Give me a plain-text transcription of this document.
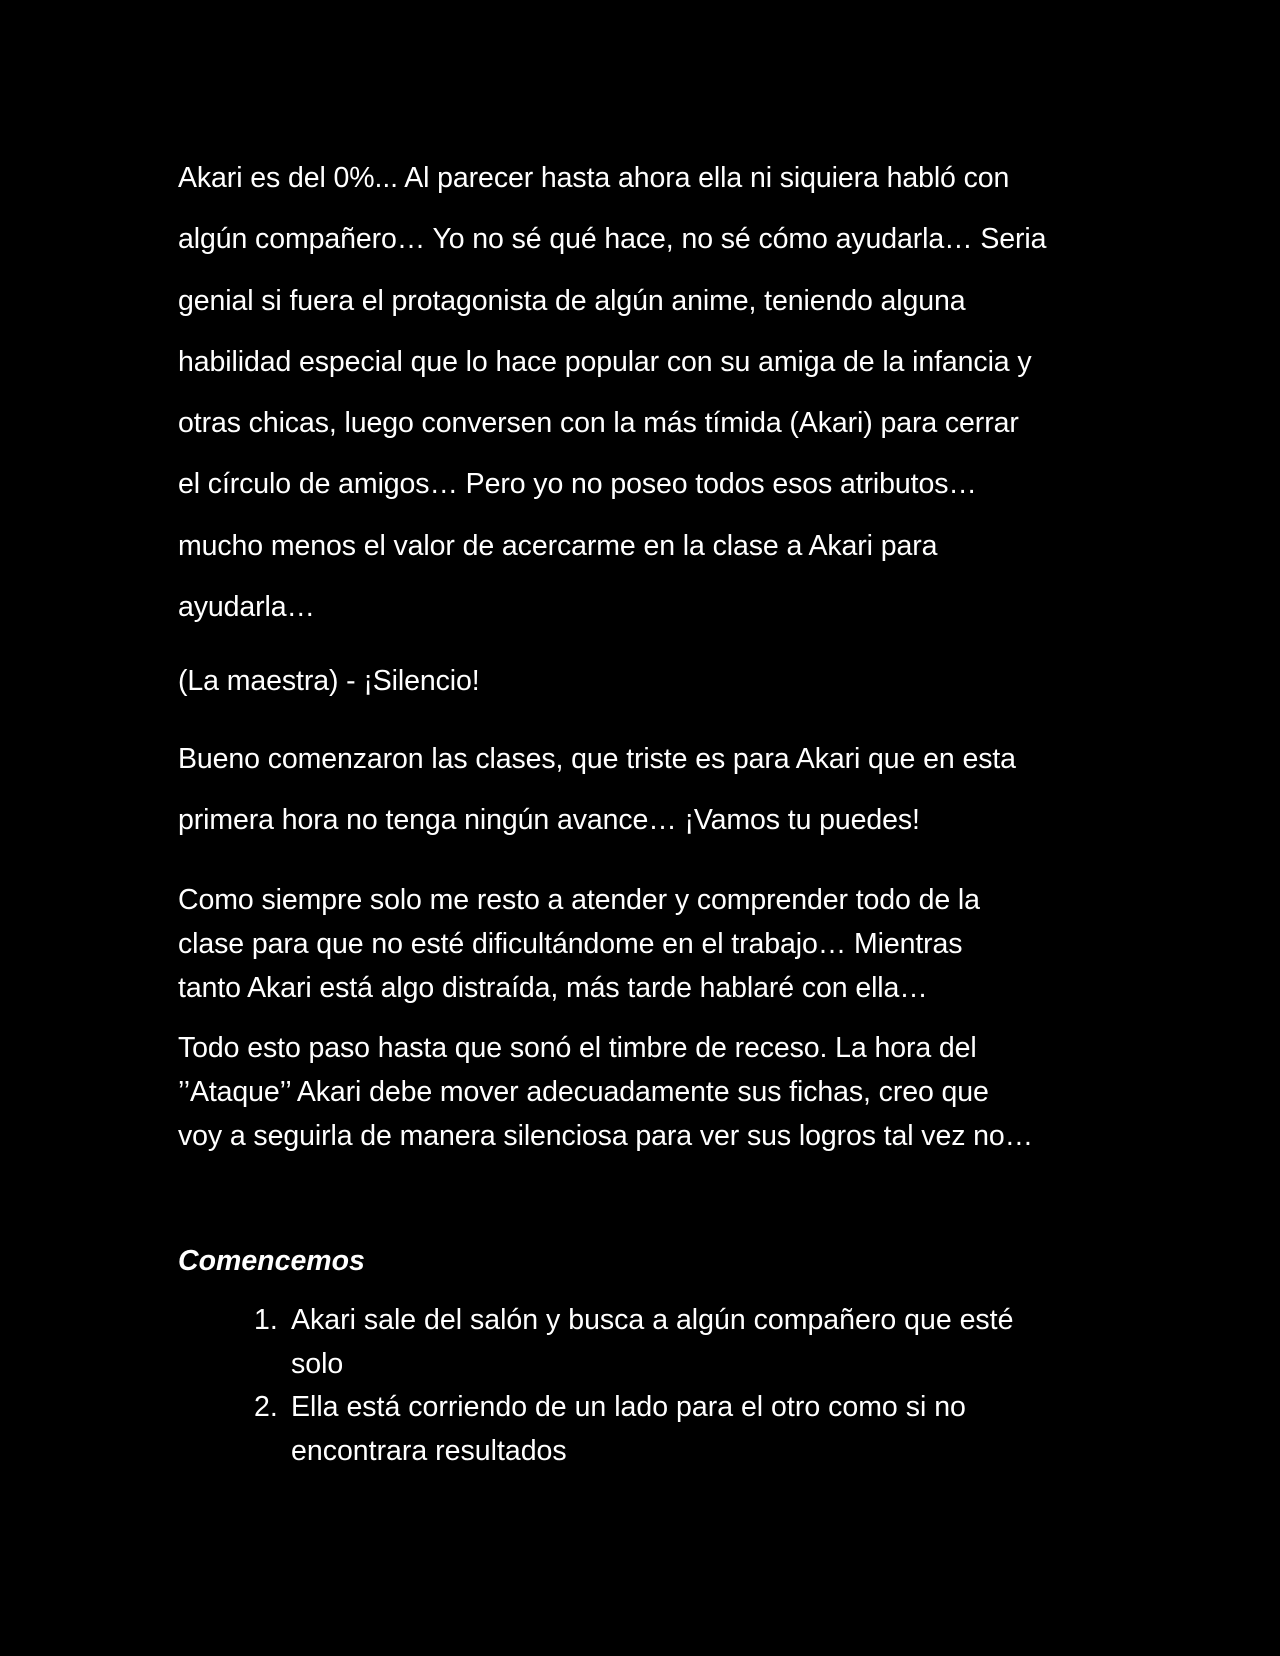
Akari es del 0%... Al parecer hasta ahora ella ni siquiera habló con
algún compañero… Yo no sé qué hace, no sé cómo ayudarla… Seria
genial si fuera el protagonista de algún anime, teniendo alguna
habilidad especial que lo hace popular con su amiga de la infancia y
otras chicas, luego conversen con la más tímida (Akari) para cerrar
el círculo de amigos… Pero yo no poseo todos esos atributos…
mucho menos el valor de acercarme en la clase a Akari para
ayudarla…

(La maestra) - ¡Silencio!

Bueno comenzaron las clases, que triste es para Akari que en esta
primera hora no tenga ningún avance… ¡Vamos tu puedes!

Como siempre solo me resto a atender y comprender todo de la
clase para que no esté dificultándome en el trabajo… Mientras
tanto Akari está algo distraída, más tarde hablaré con ella…

Todo esto paso hasta que sonó el timbre de receso. La hora del
’’Ataque’’ Akari debe mover adecuadamente sus fichas, creo que
voy a seguirla de manera silenciosa para ver sus logros tal vez no…

Comencemos
1. Akari sale del salón y busca a algún compañero que esté
solo
2. Ella está corriendo de un lado para el otro como si no
encontrara resultados
